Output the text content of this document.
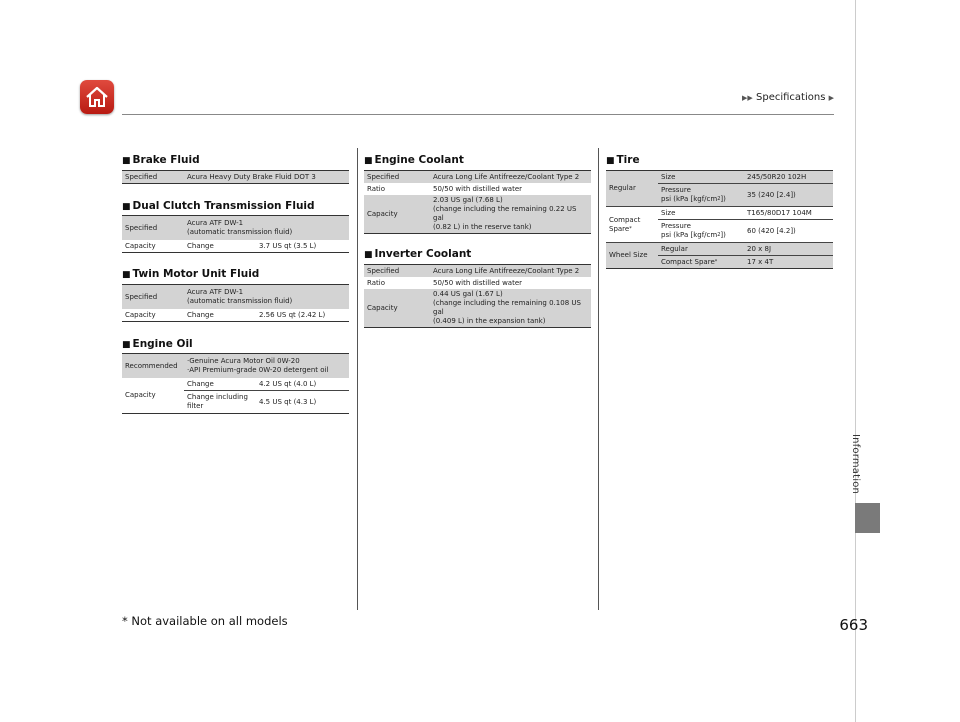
▶▶ Specifications ▶
Information
■ Brake Fluid
Specified	Acura Heavy Duty Brake Fluid DOT 3
■ Dual Clutch Transmission Fluid
Specified	Acura ATF DW-1
(automatic transmission fluid)	
Capacity	Change	3.7 US qt (3.5 L)
■ Twin Motor Unit Fluid
Specified	Acura ATF DW-1
(automatic transmission fluid)	
Capacity	Change	2.56 US qt (2.42 L)
■ Engine Oil
Recommended	·Genuine Acura Motor Oil 0W-20
·API Premium-grade 0W-20 detergent oil	
Capacity	Change	4.2 US qt (4.0 L)
	Change including
filter	4.5 US qt (4.3 L)
■ Engine Coolant
Specified	Acura Long Life Antifreeze/Coolant Type 2
Ratio	50/50 with distilled water
Capacity	2.03 US gal (7.68 L)
(change including the remaining 0.22 US gal
(0.82 L) in the reserve tank)
■ Inverter Coolant
Specified	Acura Long Life Antifreeze/Coolant Type 2
Ratio	50/50 with distilled water
Capacity	0.44 US gal (1.67 L)
(change including the remaining 0.108 US gal
(0.409 L) in the expansion tank)
■ Tire
Regular	Size	245/50R20 102H
	Pressure
psi (kPa $[kgf/cm^2]$)	35 (240 [2.4])
Compact
Spare*	Size	T165/80D17 104M
	Pressure
psi (kPa $[kgf/cm^2]$)	60 (420 [4.2])
Wheel Size	Regular	20 x 8J
	Compact Spare*	17 x 4T
* Not available on all models	663
